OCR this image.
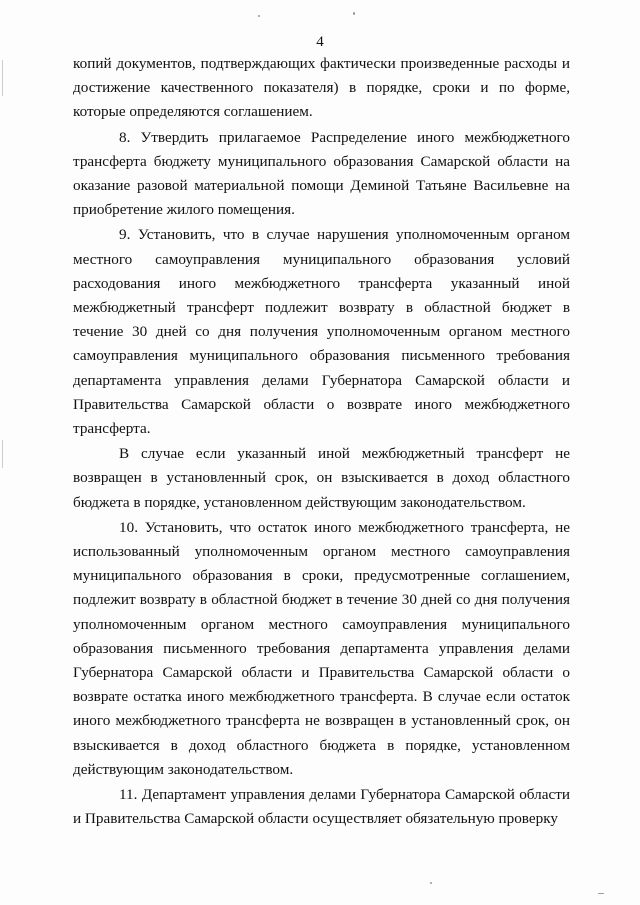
4

копий документов, подтверждающих фактически произведенные расходы и достижение качественного показателя) в порядке, сроки и по форме, которые определяются соглашением.

8. Утвердить прилагаемое Распределение иного межбюджетного трансферта бюджету муниципального образования Самарской области на оказание разовой материальной помощи Деминой Татьяне Васильевне на приобретение жилого помещения.

9. Установить, что в случае нарушения уполномоченным органом местного самоуправления муниципального образования условий расходования иного межбюджетного трансферта указанный иной межбюджетный трансферт подлежит возврату в областной бюджет в течение 30 дней со дня получения уполномоченным органом местного самоуправления муниципального образования письменного требования департамента управления делами Губернатора Самарской области и Правительства Самарской области о возврате иного межбюджетного трансферта.

В случае если указанный иной межбюджетный трансферт не возвращен в установленный срок, он взыскивается в доход областного бюджета в порядке, установленном действующим законодательством.

10. Установить, что остаток иного межбюджетного трансферта, не использованный уполномоченным органом местного самоуправления муниципального образования в сроки, предусмотренные соглашением, подлежит возврату в областной бюджет в течение 30 дней со дня получения уполномоченным органом местного самоуправления муниципального образования письменного требования департамента управления делами Губернатора Самарской области и Правительства Самарской области о возврате остатка иного межбюджетного трансферта. В случае если остаток иного межбюджетного трансферта не возвращен в установленный срок, он взыскивается в доход областного бюджета в порядке, установленном действующим законодательством.

11. Департамент управления делами Губернатора Самарской области и Правительства Самарской области осуществляет обязательную проверку
